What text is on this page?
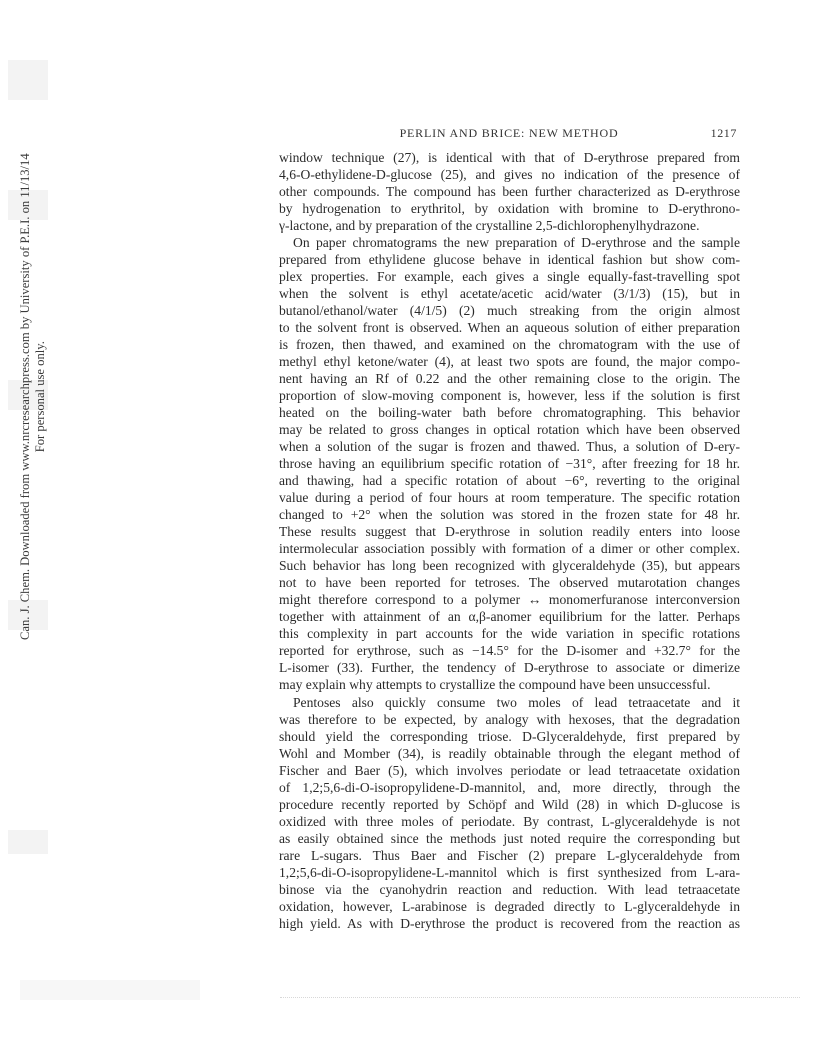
Can. J. Chem. Downloaded from www.nrcresearchpress.com by University of P.E.I. on 11/13/14 For personal use only.
PERLIN AND BRICE: NEW METHOD	1217
window technique (27), is identical with that of D-erythrose prepared from
4,6-O-ethylidene-D-glucose (25), and gives no indication of the presence of
other compounds. The compound has been further characterized as D-erythrose
by hydrogenation to erythritol, by oxidation with bromine to D-erythrono-
γ-lactone, and by preparation of the crystalline 2,5-dichlorophenylhydrazone.
On paper chromatograms the new preparation of D-erythrose and the sample
prepared from ethylidene glucose behave in identical fashion but show com-
plex properties. For example, each gives a single equally-fast-travelling spot
when the solvent is ethyl acetate/acetic acid/water (3/1/3) (15), but in
butanol/ethanol/water (4/1/5) (2) much streaking from the origin almost
to the solvent front is observed. When an aqueous solution of either preparation
is frozen, then thawed, and examined on the chromatogram with the use of
methyl ethyl ketone/water (4), at least two spots are found, the major compo-
nent having an Rf of 0.22 and the other remaining close to the origin. The
proportion of slow-moving component is, however, less if the solution is first
heated on the boiling-water bath before chromatographing. This behavior
may be related to gross changes in optical rotation which have been observed
when a solution of the sugar is frozen and thawed. Thus, a solution of D-ery-
throse having an equilibrium specific rotation of −31°, after freezing for 18 hr.
and thawing, had a specific rotation of about −6°, reverting to the original
value during a period of four hours at room temperature. The specific rotation
changed to +2° when the solution was stored in the frozen state for 48 hr.
These results suggest that D-erythrose in solution readily enters into loose
intermolecular association possibly with formation of a dimer or other complex.
Such behavior has long been recognized with glyceraldehyde (35), but appears
not to have been reported for tetroses. The observed mutarotation changes
might therefore correspond to a polymer ↔ monomerfuranose interconversion
together with attainment of an α,β-anomer equilibrium for the latter. Perhaps
this complexity in part accounts for the wide variation in specific rotations
reported for erythrose, such as −14.5° for the D-isomer and +32.7° for the
L-isomer (33). Further, the tendency of D-erythrose to associate or dimerize
may explain why attempts to crystallize the compound have been unsuccessful.
Pentoses also quickly consume two moles of lead tetraacetate and it
was therefore to be expected, by analogy with hexoses, that the degradation
should yield the corresponding triose. D-Glyceraldehyde, first prepared by
Wohl and Momber (34), is readily obtainable through the elegant method of
Fischer and Baer (5), which involves periodate or lead tetraacetate oxidation
of 1,2;5,6-di-O-isopropylidene-D-mannitol, and, more directly, through the
procedure recently reported by Schöpf and Wild (28) in which D-glucose is
oxidized with three moles of periodate. By contrast, L-glyceraldehyde is not
as easily obtained since the methods just noted require the corresponding but
rare L-sugars. Thus Baer and Fischer (2) prepare L-glyceraldehyde from
1,2;5,6-di-O-isopropylidene-L-mannitol which is first synthesized from L-ara-
binose via the cyanohydrin reaction and reduction. With lead tetraacetate
oxidation, however, L-arabinose is degraded directly to L-glyceraldehyde in
high yield. As with D-erythrose the product is recovered from the reaction as
